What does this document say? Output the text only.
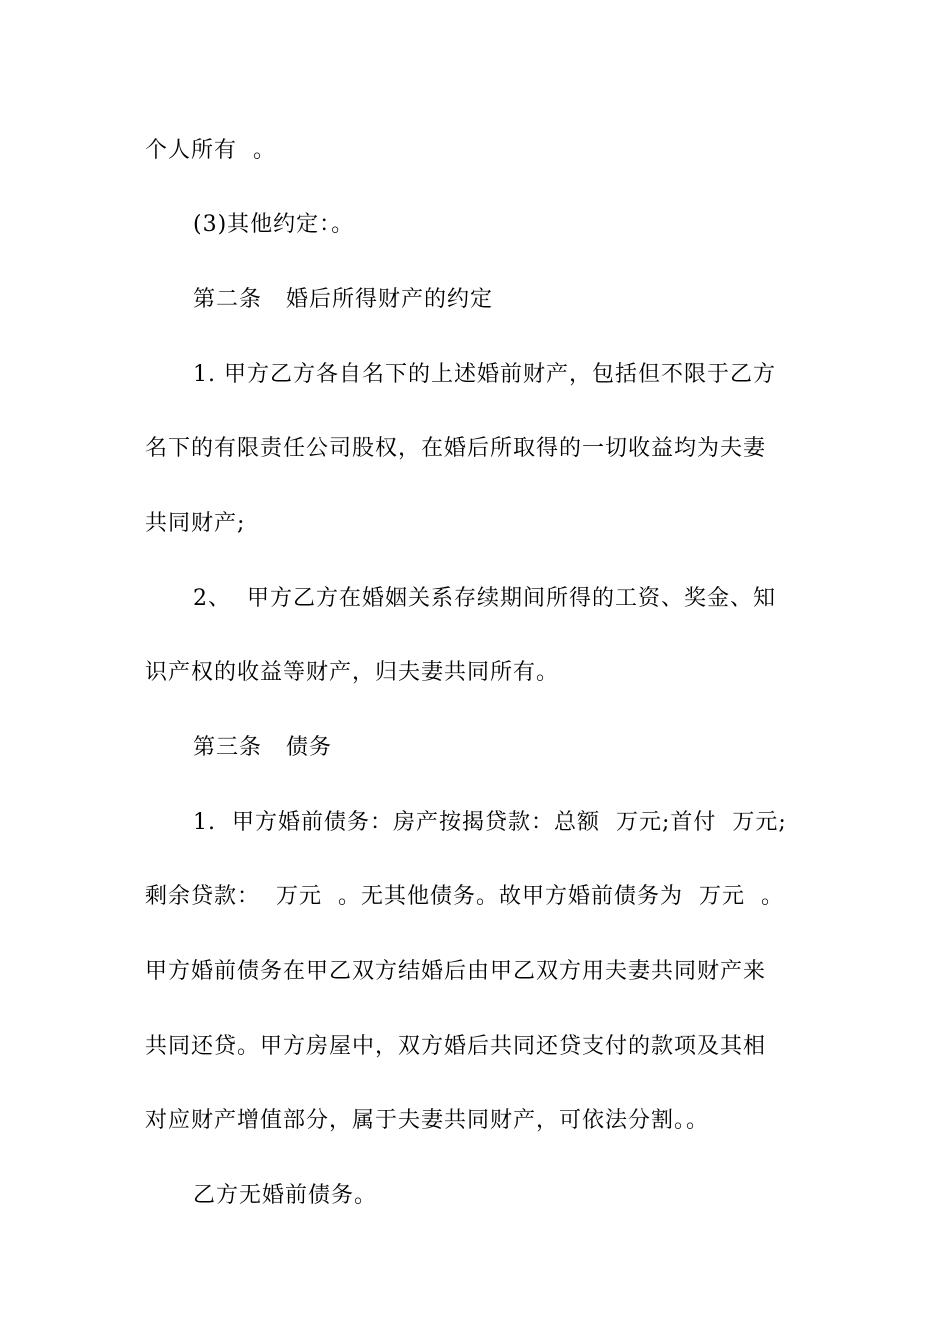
个人所有  。
(3)其他约定：。
第二条   婚后所得财产的约定
1. 甲方乙方各自名下的上述婚前财产，包括但不限于乙方
名下的有限责任公司股权，在婚后所取得的一切收益均为夫妻
共同财产;
2、  甲方乙方在婚姻关系存续期间所得的工资、奖金、知
识产权的收益等财产，归夫妻共同所有。
第三条   债务
1.  甲方婚前债务：房产按揭贷款：总额  万元;首付  万元;
剩余贷款：  万元  。无其他债务。故甲方婚前债务为  万元  。
甲方婚前债务在甲乙双方结婚后由甲乙双方用夫妻共同财产来
共同还贷。甲方房屋中，双方婚后共同还贷支付的款项及其相
对应财产增值部分，属于夫妻共同财产，可依法分割。。
乙方无婚前债务。
